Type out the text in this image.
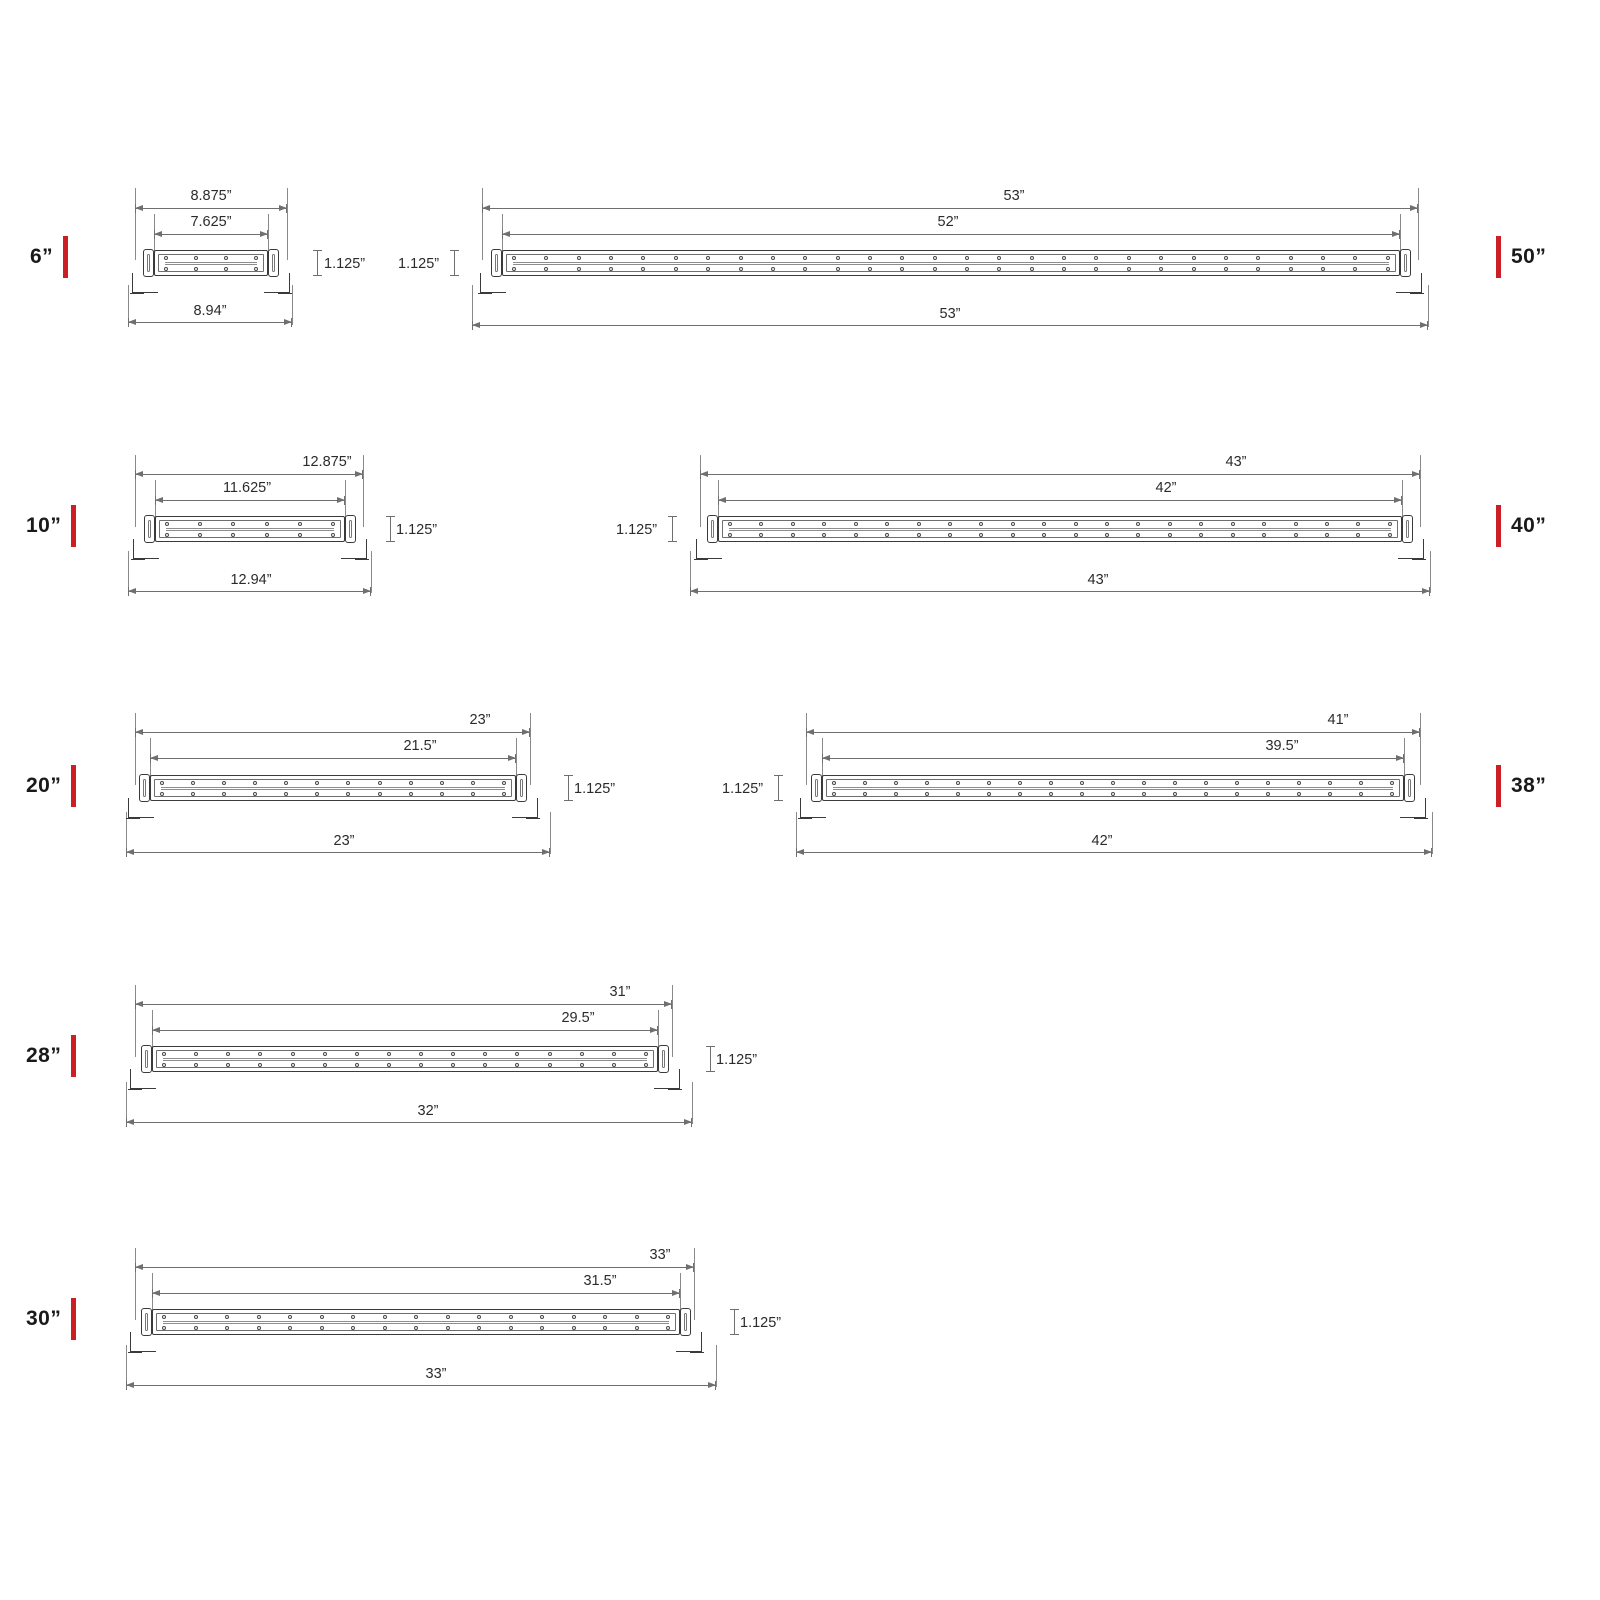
6”
8.875”
7.625”
8.94”
1.125”	50”
53”
52”
53”
1.125”
10”
12.875”
11.625”
12.94”
1.125”	40”
43”
42”
43”
1.125”
20”
23”
21.5”
23”
1.125”	38”
41”
39.5”
42”
1.125”
28”
31”
29.5”
32”
1.125”
30”
33”
31.5”
33”
1.125”
